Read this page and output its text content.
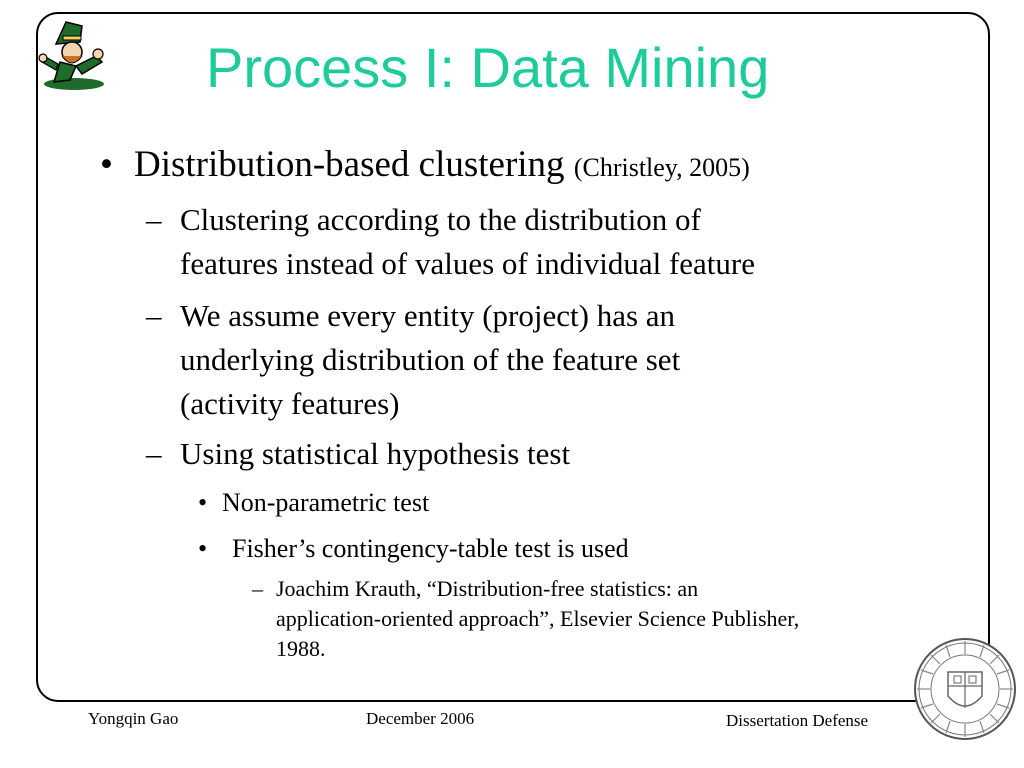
Process I: Data Mining
• Distribution-based clustering (Christley, 2005)
– Clustering according to the distribution of
features instead of values of individual feature
– We assume every entity (project) has an
underlying distribution of the feature set
(activity features)
– Using statistical hypothesis test
• Non-parametric test
• Fisher’s contingency-table test is used
– Joachim Krauth, “Distribution-free statistics: an
application-oriented approach”, Elsevier Science Publisher,
1988.
Yongqin Gao	December 2006	Dissertation Defense
